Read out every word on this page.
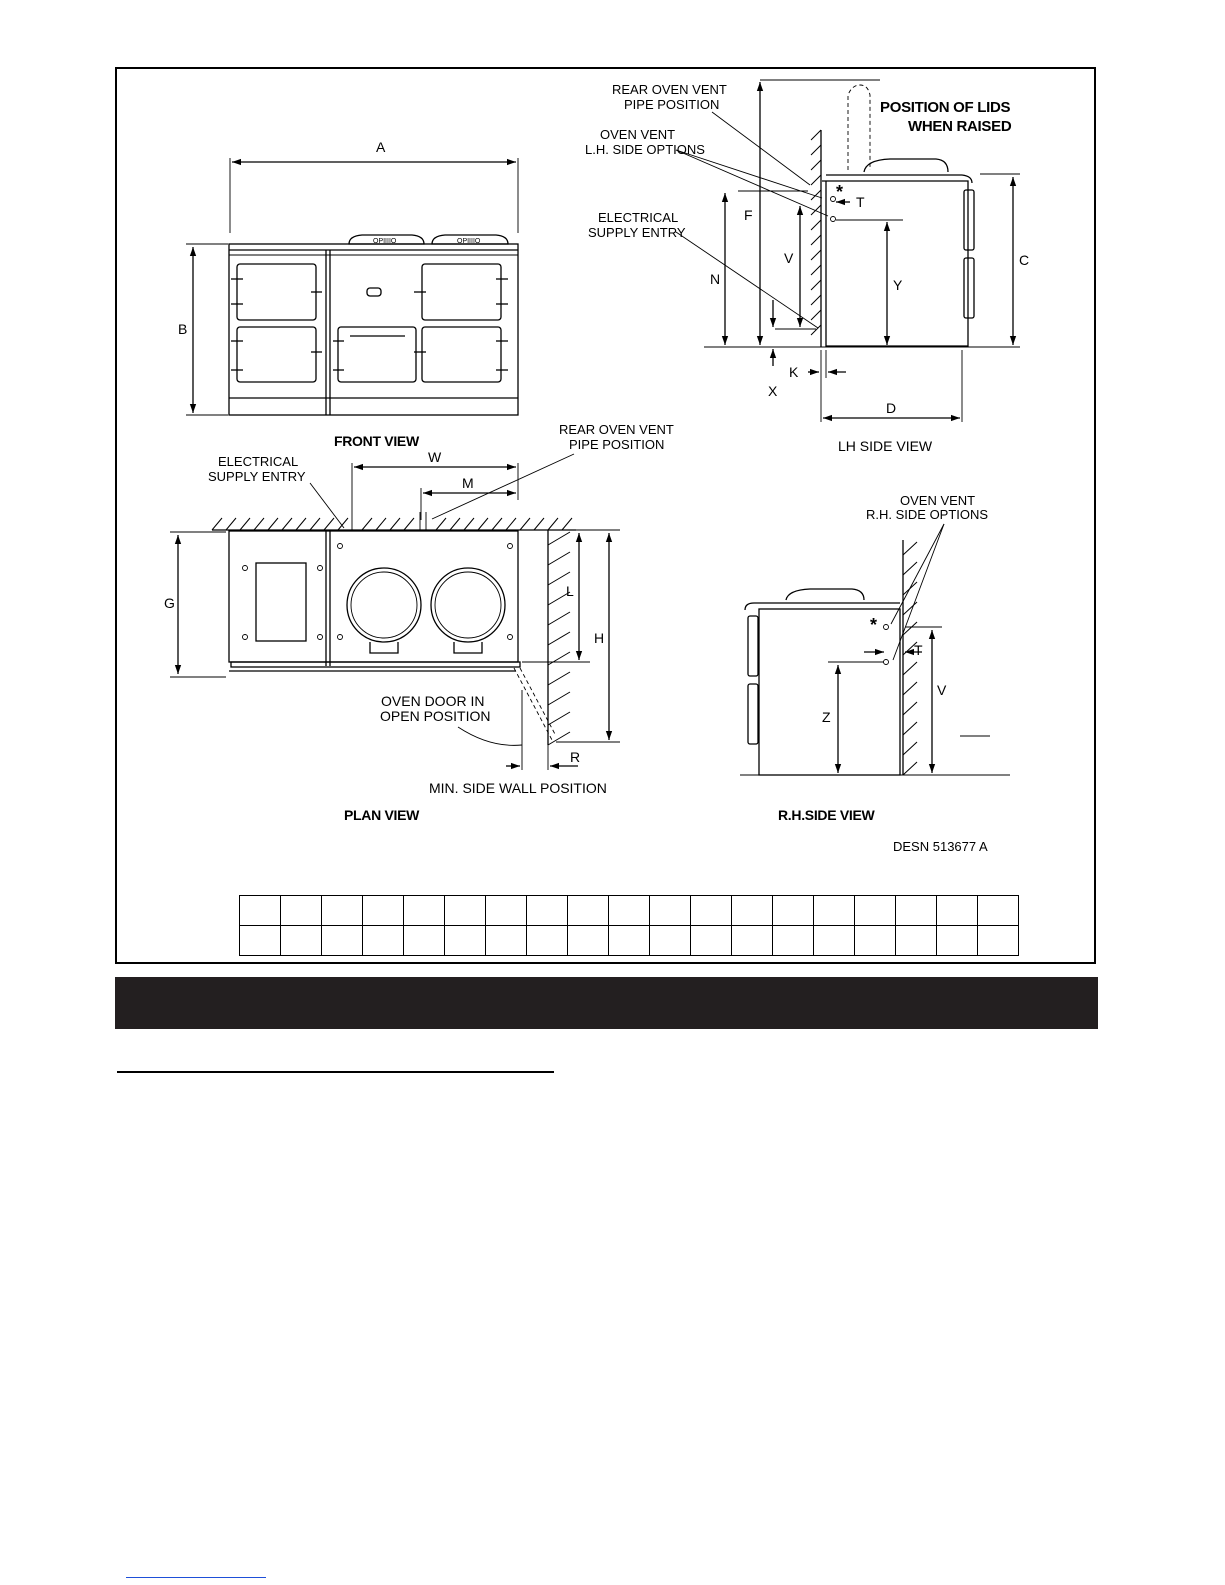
A
B
OPIIIIO	OPIIIIO
FRONT VIEW
REAR OVEN VENT
PIPE POSITION
OVEN VENT
L.H. SIDE OPTIONS
ELECTRICAL
SUPPLY ENTRY
POSITION OF LIDS
WHEN RAISED
*
F
N
V
X
Y
C
T
K
D
LH SIDE VIEW
ELECTRICAL
SUPPLY ENTRY
REAR OVEN VENT
PIPE POSITION
W
M
OVEN DOOR IN
OPEN POSITION
G
L
H
R
MIN. SIDE WALL POSITION
PLAN VIEW
OVEN VENT
R.H. SIDE OPTIONS
*
Z
V
T
R.H.SIDE VIEW
DESN 513677 A
